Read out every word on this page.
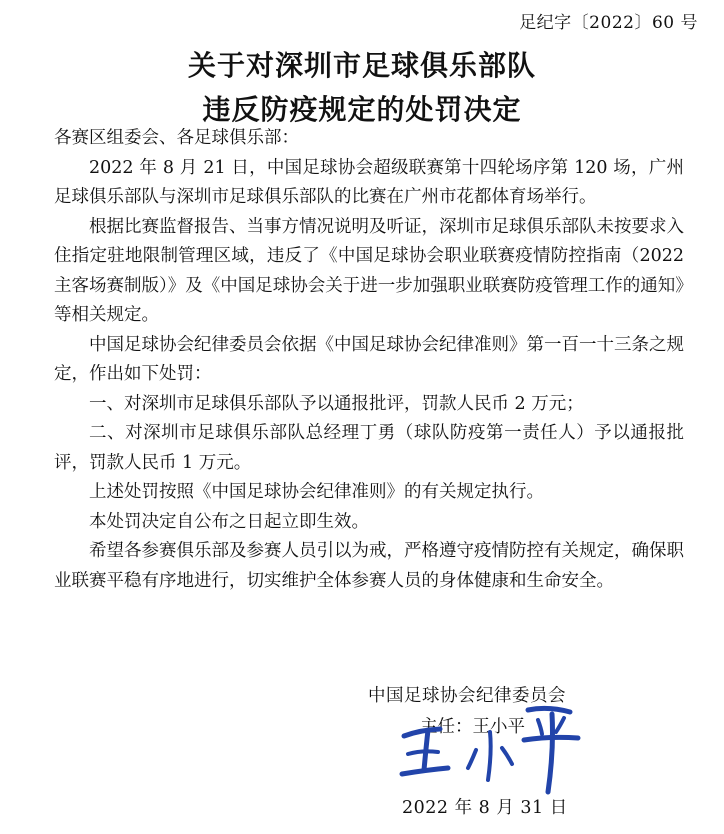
足纪字〔2022〕60 号
关于对深圳市足球俱乐部队
违反防疫规定的处罚决定

各赛区组委会、各足球俱乐部：

2022 年 8 月 21 日，中国足球协会超级联赛第十四轮场序第 120 场，广州足球俱乐部队与深圳市足球俱乐部队的比赛在广州市花都体育场举行。

根据比赛监督报告、当事方情况说明及听证，深圳市足球俱乐部队未按要求入住指定驻地限制管理区域，违反了《中国足球协会职业联赛疫情防控指南（2022 主客场赛制版）》及《中国足球协会关于进一步加强职业联赛防疫管理工作的通知》等相关规定。

中国足球协会纪律委员会依据《中国足球协会纪律准则》第一百一十三条之规定，作出如下处罚：

一、对深圳市足球俱乐部队予以通报批评，罚款人民币 2 万元；

二、对深圳市足球俱乐部队总经理丁勇（球队防疫第一责任人）予以通报批评，罚款人民币 1 万元。

上述处罚按照《中国足球协会纪律准则》的有关规定执行。

本处罚决定自公布之日起立即生效。

希望各参赛俱乐部及参赛人员引以为戒，严格遵守疫情防控有关规定，确保职业联赛平稳有序地进行，切实维护全体参赛人员的身体健康和生命安全。

中国足球协会纪律委员会
主任：王小平
2022 年 8 月 31 日
